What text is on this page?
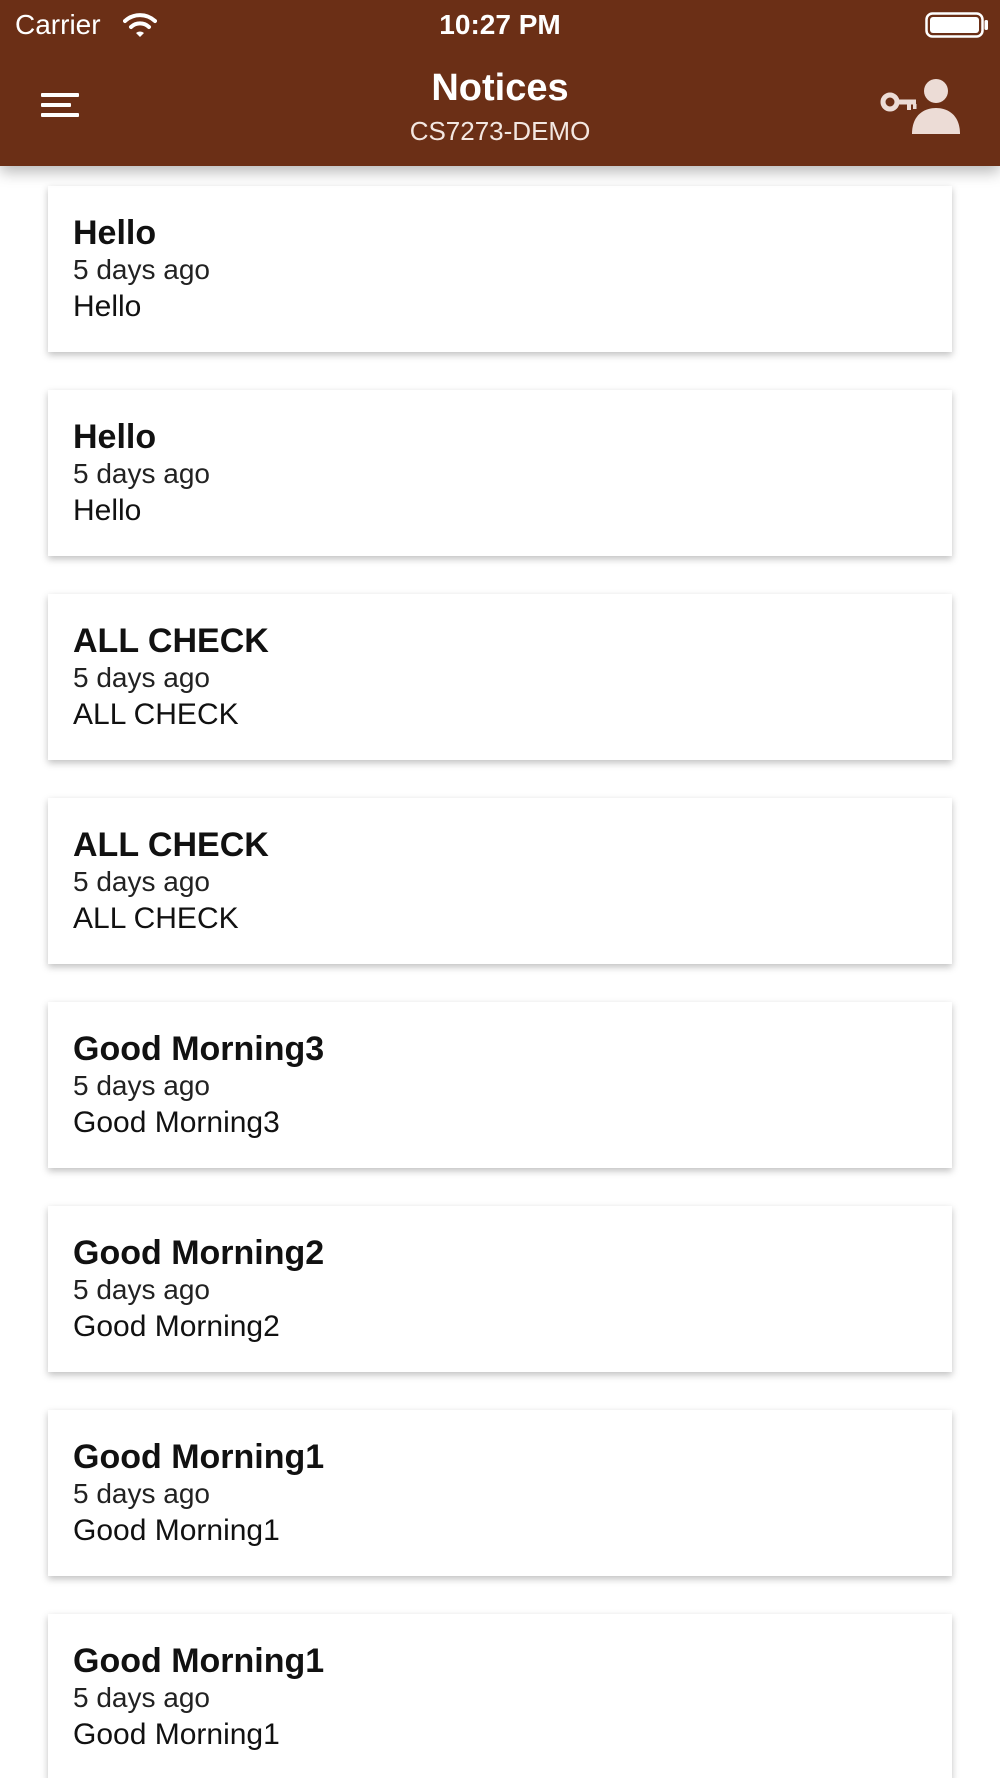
Carrier	10:27 PM
Notices
CS7273-DEMO
Hello
5 days ago
Hello
Hello
5 days ago
Hello
ALL CHECK
5 days ago
ALL CHECK
ALL CHECK
5 days ago
ALL CHECK
Good Morning3
5 days ago
Good Morning3
Good Morning2
5 days ago
Good Morning2
Good Morning1
5 days ago
Good Morning1
Good Morning1
5 days ago
Good Morning1
